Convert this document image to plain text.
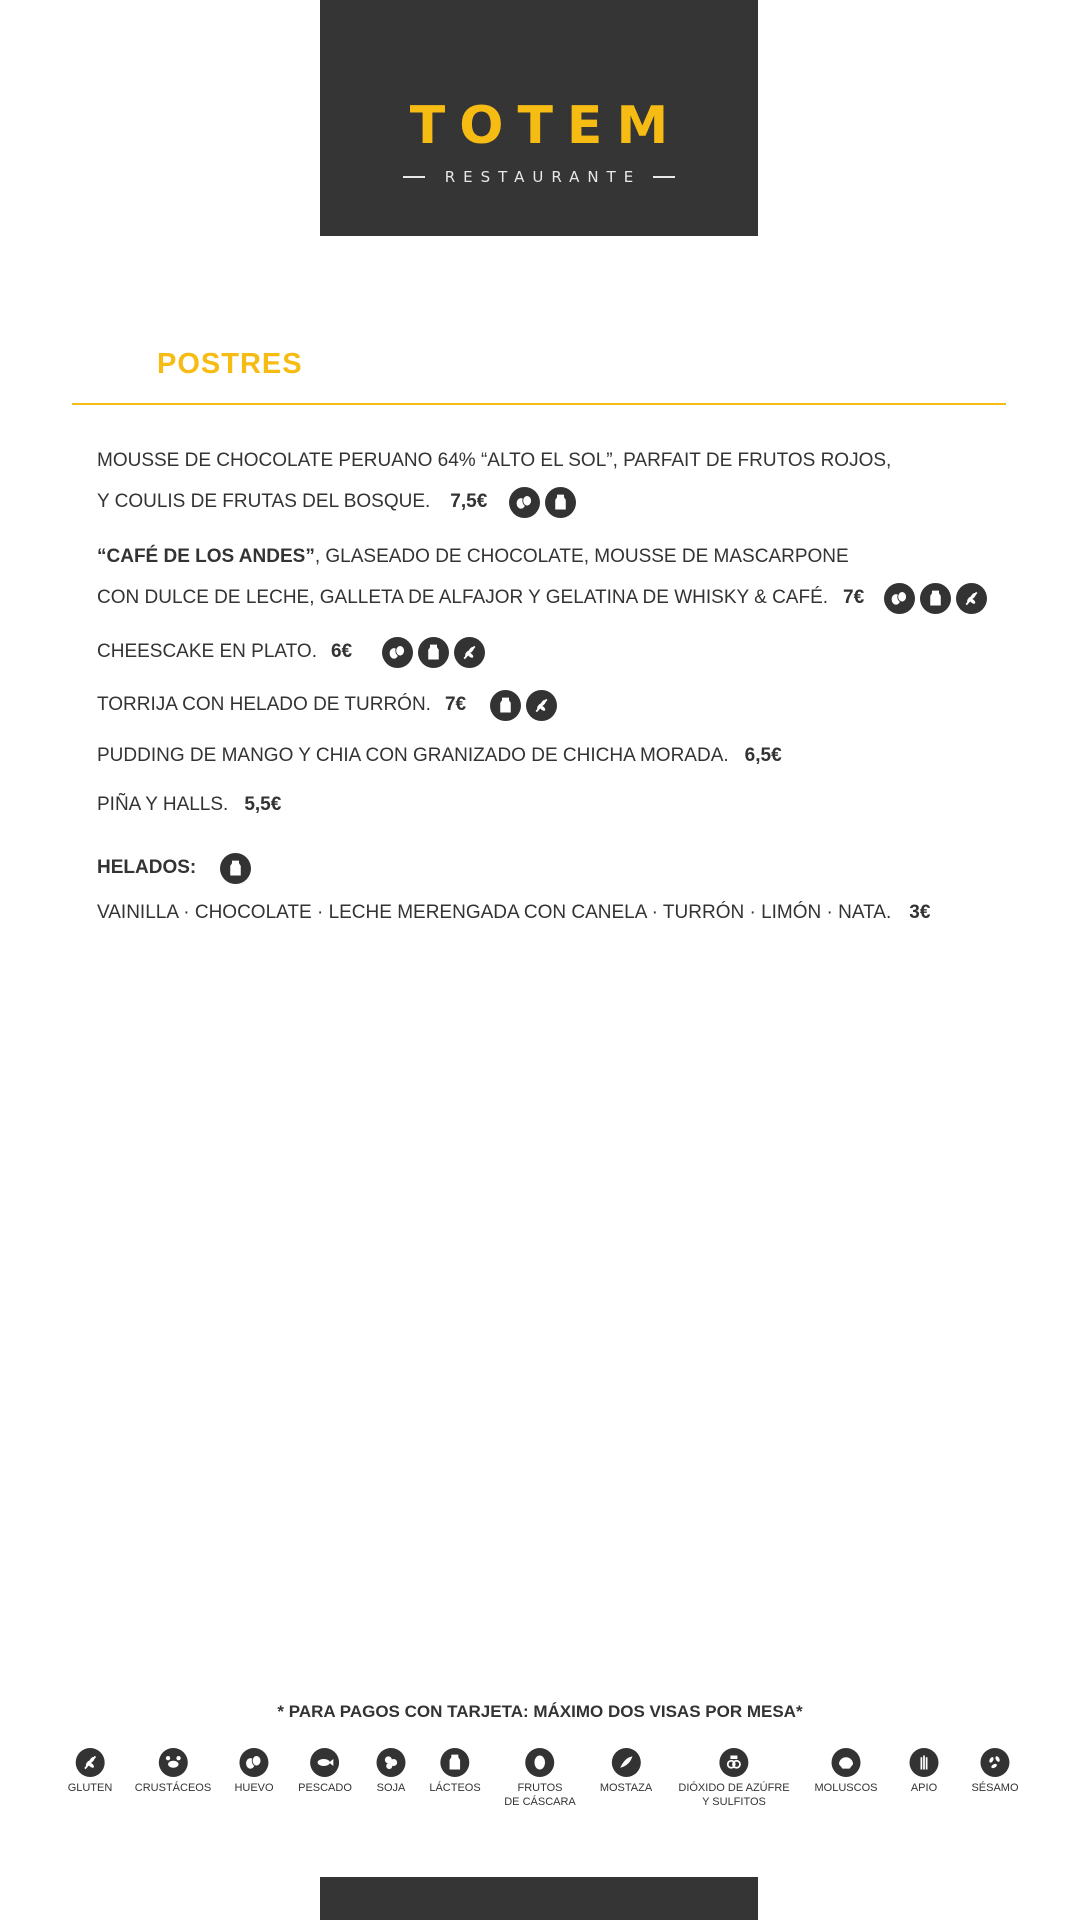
TOTEM
RESTAURANTE
POSTRES
MOUSSE DE CHOCOLATE PERUANO 64% “ALTO EL SOL”, PARFAIT DE FRUTOS ROJOS,
Y COULIS DE FRUTAS DEL BOSQUE. 7,5€
“CAFÉ DE LOS ANDES” , GLASEADO DE CHOCOLATE, MOUSSE DE MASCARPONE
CON DULCE DE LECHE, GALLETA DE ALFAJOR Y GELATINA DE WHISKY & CAFÉ. 7€
CHEESCAKE EN PLATO. 6€
TORRIJA CON HELADO DE TURRÓN. 7€
PUDDING DE MANGO Y CHIA CON GRANIZADO DE CHICHA MORADA. 6,5€
PIÑA Y HALLS. 5,5€
HELADOS:
VAINILLA · CHOCOLATE · LECHE MERENGADA CON CANELA · TURRÓN · LIMÓN · NATA. 3€
* PARA PAGOS CON TARJETA: MÁXIMO DOS VISAS POR MESA*
GLUTEN CRUSTÁCEOS HUEVO PESCADO SOJA LÁCTEOS	FRUTOS
DE CÁSCARA
MOSTAZA DIÓXIDO DE AZÚFRE
Y SULFITOS
MOLUSCOS	APIO	SÉSAMO
